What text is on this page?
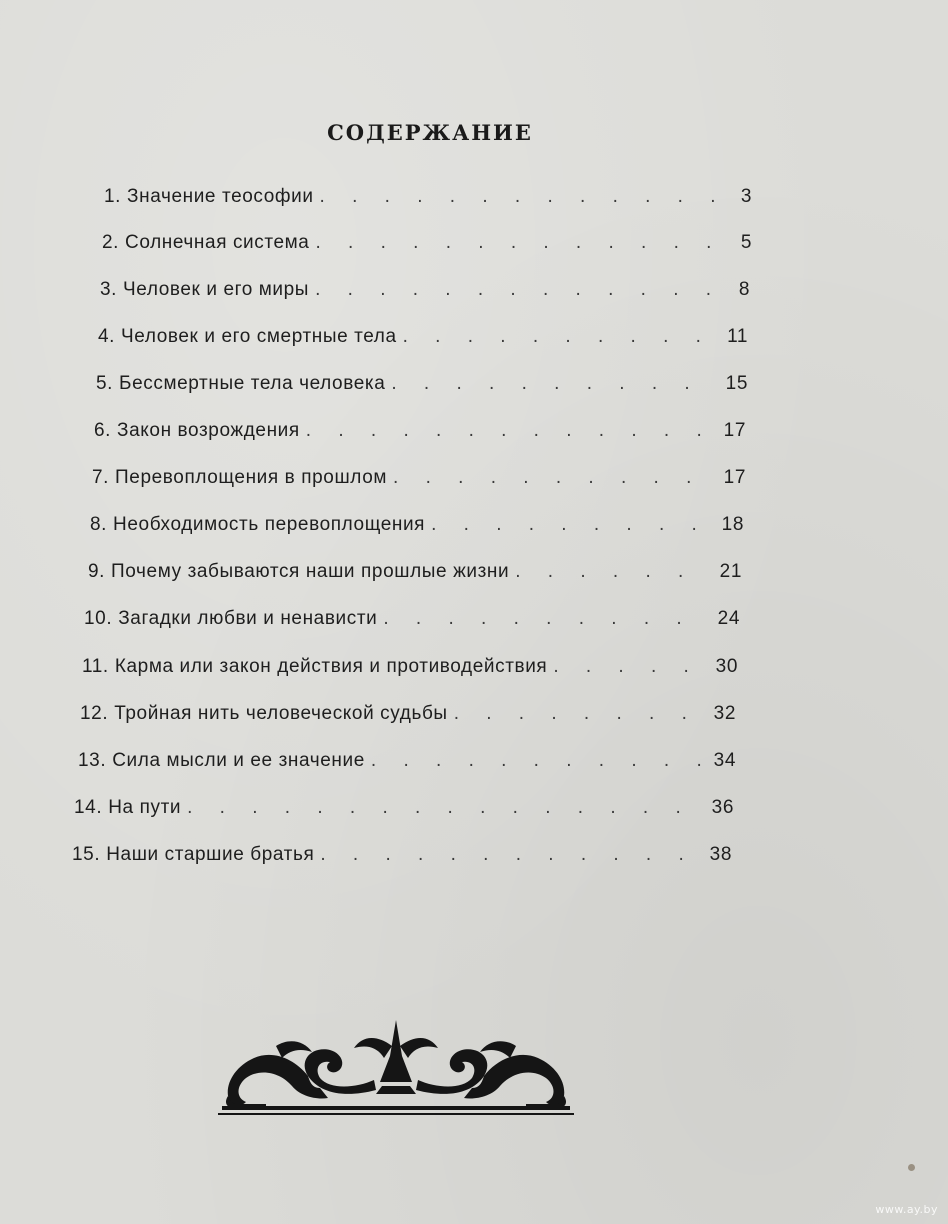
СОДЕРЖАНИЕ
1. Значение теософии . . .	3
2. Солнечная система . . .	5
3. Человек и его миры . . .	8
4. Человек и его смертные тела . . .	11
5. Бессмертные тела человека . . .	15
6. Закон возрождения . . .	17
7. Перевоплощения в прошлом . . .	17
8. Необходимость перевоплощения . . .	18
9. Почему забываются наши прошлые жизни . . .	21
10. Загадки любви и ненависти . . .	24
11. Карма или закон действия и противодействия . . .	30
12. Тройная нить человеческой судьбы . . .	32
13. Сила мысли и ее значение . . .	34
14. На пути . . .	36
15. Наши старшие братья . . .	38
www.ay.by
